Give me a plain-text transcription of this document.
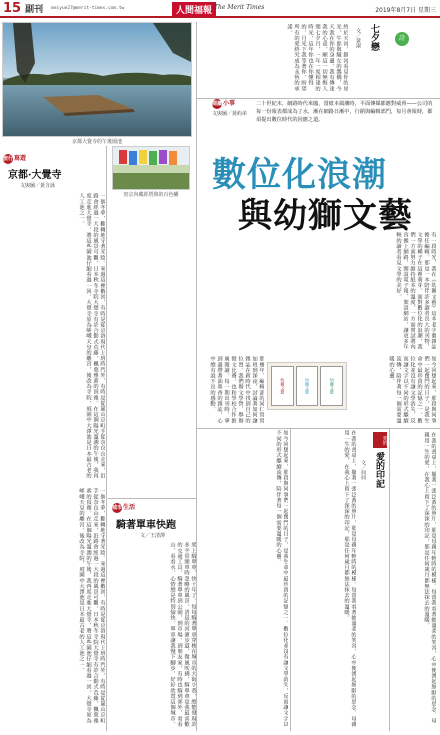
15 副刊 meiyue27@merit-times.com.tw	人間福報 The Merit Times	2019年8月7日 星期三
京都大覺寺的午後園池
密宗內藏經塔與的百色幡
旅行寫遊
京都·大覺寺
文與圖／黃含詠
一個冬夢，翻轉地守著光陰。來過這裡數回，有時是從京洛現代上班時門外，有時是從嵐山京町手從奈良山走來，沿路會經過一大段的風景可觀，日本秋冬寺院大覺寺有許合勤式荒藤，楓葉雅素的頂雅。在這個陽光溫潤的午後，我再度走進大覺寺，將這些園池仔細看過一回。大覺寺原為嵯峨天皇的離宮，後改為寺院，庭園中大澤池是日本最古老的人工池之一。
一個冬夢，翻轉地守著光陰。來過這裡數回，有時是從京洛現代上班時門外，有時是從嵐山京町手從奈良山走來，沿路會經過一大段的風景可觀，日本秋冬寺院大覺寺有許合勤式荒藤，楓葉雅素的頂雅。在這個陽光溫潤的午後，我再度走進大覺寺，將這些園池仔細看過一回。大覺寺原為嵯峨天皇的離宮，後改為寺院，庭園中大澤池是日本最古老的人工池之一。
詩
七夕戀
文／黃淑
終於天河，銀河看見你的星光，牛郎與織女的鵲橋，今天我在你的身邊，我有傳達我的心意，願這一切無悔人間七夕月，一年一度相逢的時光，這年你也在你懂得的，月光下我等著你，盼望所有的愛終究成為永恆的承諾。
閱讀小事
文與圖／黃約弟
二十世紀末，網路時代來臨，當紙本風潮時，平面傳媒都應對威脅——公司的每一份報表都成為了水，漸在網路日漸中，行銷與編輯部門，每月會報時，都須提出數位時代的因應之道。
數位化浪潮
與幼獅文藝
有一段時光，我在《幼獅文藝》這本老字號雜誌擔任編輯。那是一本陪伴許多讀者長大的刊物，文學的種子在這裡萌芽。面對數位化的浪潮，我們一方面努力維持紙本的溫度，一方面嘗試將內容搬上網路，開設電子報、架設網站，讓更多年輕的讀者看見文學的美好。
那幾年，編輯部的同仁常常加班到深夜，討論著如何讓雜誌在新時代中找到自己的位置。我們辦文學營、舉辦徵文比賽，也和學校合作推廣閱讀。每一期出刊時，拿到還帶著油墨香的雜誌，心中總有說不出的感動。	如今回想起來，那段與同事們一起奮鬥的日子，是我生命中最珍貴的記憶之一。數位化並沒有讓文學消失，反而讓文字以不同的形式繼續流傳，陪伴著每一個需要溫暖的心靈。
幼獅文藝	幼獅文藝	幼獅文藝
城市生活
騎著單車快跑
文／王清澤
愛上騎單車，快十年了。每每騎著單車穿梭在城市的大街小巷，總能發現許多平常開車時忽略的風景。清晨的河濱步道，微風吹拂，騎單車是我最喜歡的交通工具。騎著單車到公園，到市場，到朋友家，有時也騎到郊外，看看山，看看水，心情總是特別愉快。單車讓我慢下腳步，好好欣賞這個城市。
愛的
愛的印記
文／何何
在我的書桌上，擺著一張泛黃的照片，那是母親年輕時的模樣。每當我看著她溫柔的笑容，心中便湧起無限的思念。母親用一生的愛，在我心上留下了深深的印記，那是任何歲月都無法抹去的溫暖。	在我的書桌上，擺著一張泛黃的照片，那是母親年輕時的模樣。每當我看著她溫柔的笑容，心中便湧起無限的思念。母親用一生的愛，在我心上留下了深深的印記，那是任何歲月都無法抹去的溫暖。
如今回想起來，那段與同事們一起奮鬥的日子，是我生命中最珍貴的記憶之一。數位化並沒有讓文學消失，反而讓文字以不同的形式繼續流傳，陪伴著每一個需要溫暖的心靈。
